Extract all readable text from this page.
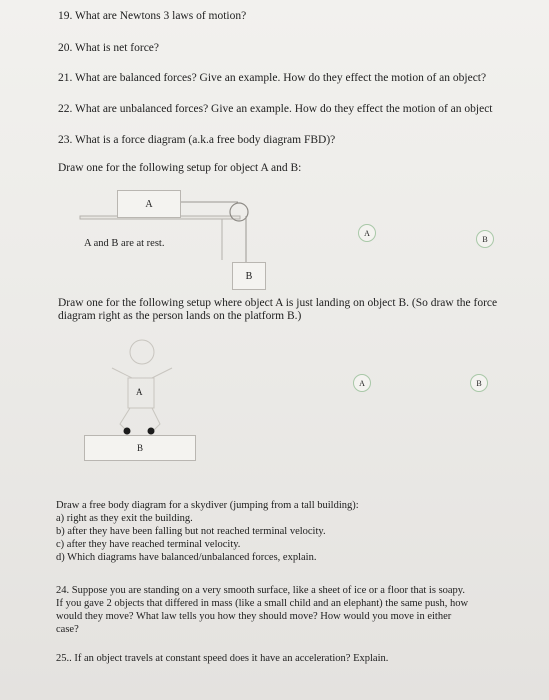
19. What are Newtons 3 laws of motion?
20. What is net force?
21. What are balanced forces? Give an example. How do they effect the motion of an object?
22. What are unbalanced forces? Give an example. How do they effect the motion of an object
23. What is a force diagram (a.k.a free body diagram FBD)?
Draw one for the following setup for object A and B:
A
B
A and B are at rest.
A
B
Draw one for the following setup where object A is just landing on object B. (So draw the force
diagram right as the person lands on the platform B.)
A
B
A	B
Draw a free body diagram for a skydiver (jumping from a tall building):
a) right as they exit the building.
b) after they have been falling but not reached terminal velocity.
c) after they have reached terminal velocity.
d) Which diagrams have balanced/unbalanced forces, explain.
24. Suppose you are standing on a very smooth surface, like a sheet of ice or a floor that is soapy.
If you gave 2 objects that differed in mass (like a small child and an elephant) the same push, how
would they move? What law tells you how they should move? How would you move in either
case?
25.. If an object travels at constant speed does it have an acceleration? Explain.
